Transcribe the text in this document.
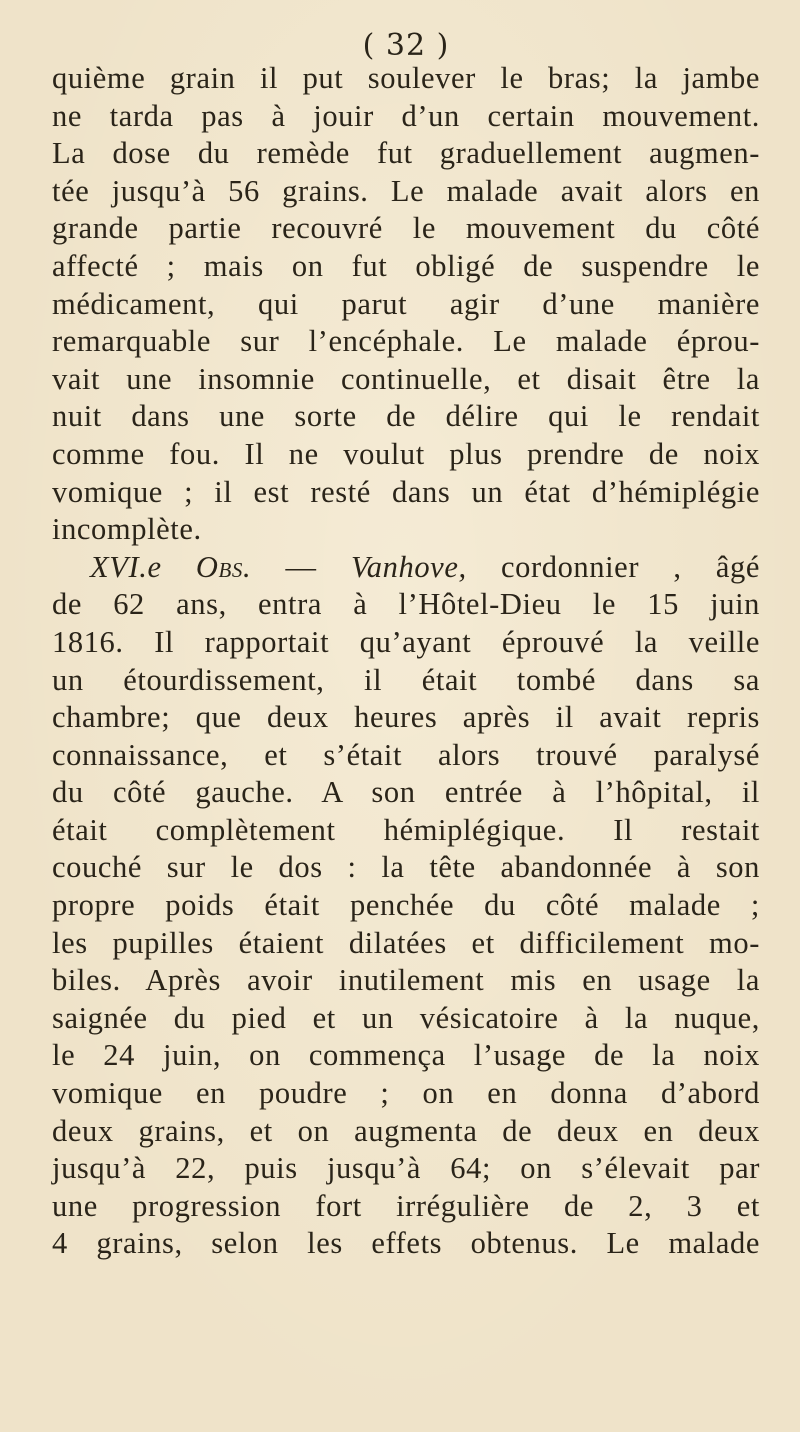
( 32 )
quième grain il put soulever le bras; la jambe
ne tarda pas à jouir d’un certain mouvement.
La dose du remède fut graduellement augmen-
tée jusqu’à 56 grains. Le malade avait alors en
grande partie recouvré le mouvement du côté
affecté ; mais on fut obligé de suspendre le
médicament, qui parut agir d’une manière
remarquable sur l’encéphale. Le malade éprou-
vait une insomnie continuelle, et disait être la
nuit dans une sorte de délire qui le rendait
comme fou. Il ne voulut plus prendre de noix
vomique ; il est resté dans un état d’hémiplégie
incomplète.
XVI.e Obs. — Vanhove, cordonnier , âgé
de 62 ans, entra à l’Hôtel-Dieu le 15 juin
1816. Il rapportait qu’ayant éprouvé la veille
un étourdissement, il était tombé dans sa
chambre; que deux heures après il avait repris
connaissance, et s’était alors trouvé paralysé
du côté gauche. A son entrée à l’hôpital, il
était complètement hémiplégique. Il restait
couché sur le dos : la tête abandonnée à son
propre poids était penchée du côté malade ;
les pupilles étaient dilatées et difficilement mo-
biles. Après avoir inutilement mis en usage la
saignée du pied et un vésicatoire à la nuque,
le 24 juin, on commença l’usage de la noix
vomique en poudre ; on en donna d’abord
deux grains, et on augmenta de deux en deux
jusqu’à 22, puis jusqu’à 64; on s’élevait par
une progression fort irrégulière de 2, 3 et
4 grains, selon les effets obtenus. Le malade
